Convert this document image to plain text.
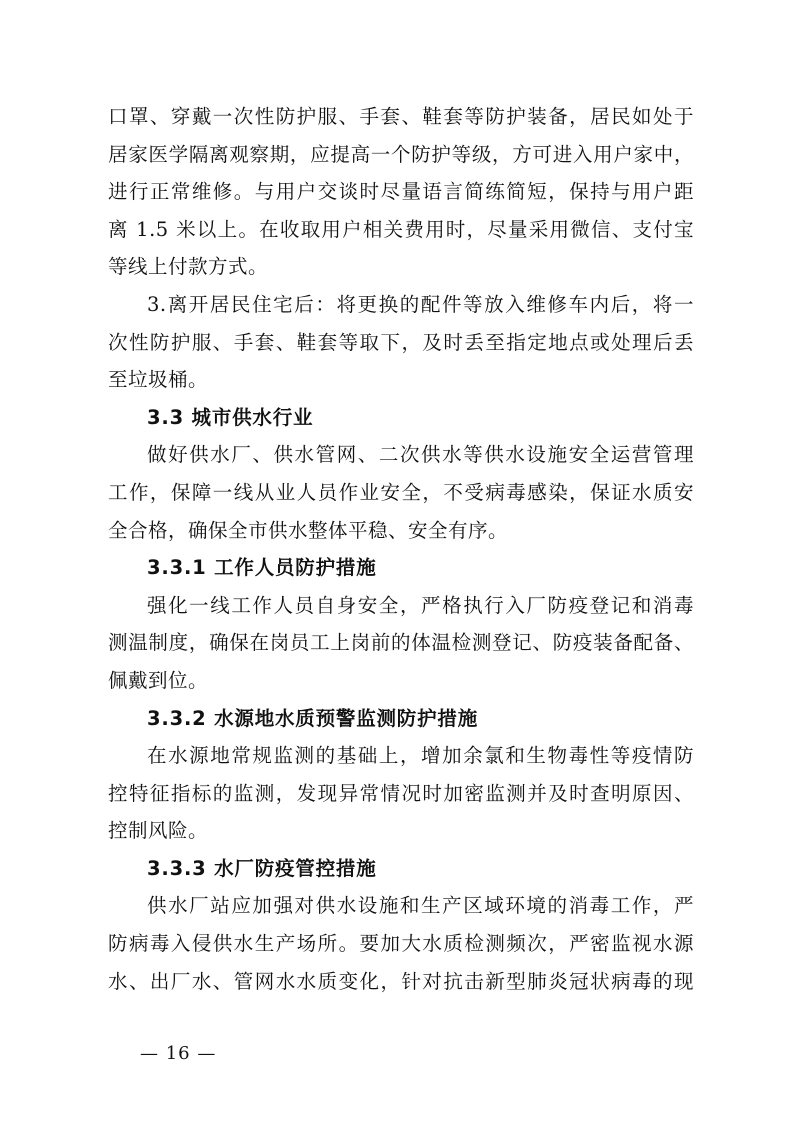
口罩、穿戴一次性防护服、手套、鞋套等防护装备，居民如处于
居家医学隔离观察期，应提高一个防护等级，方可进入用户家中，
进行正常维修。与用户交谈时尽量语言简练简短，保持与用户距
离 1.5 米以上。在收取用户相关费用时，尽量采用微信、支付宝
等线上付款方式。
3.离开居民住宅后：将更换的配件等放入维修车内后，将一
次性防护服、手套、鞋套等取下，及时丢至指定地点或处理后丢
至垃圾桶。
3.3 城市供水行业
做好供水厂、供水管网、二次供水等供水设施安全运营管理
工作，保障一线从业人员作业安全，不受病毒感染，保证水质安
全合格，确保全市供水整体平稳、安全有序。
3.3.1 工作人员防护措施
强化一线工作人员自身安全，严格执行入厂防疫登记和消毒
测温制度，确保在岗员工上岗前的体温检测登记、防疫装备配备、
佩戴到位。
3.3.2 水源地水质预警监测防护措施
在水源地常规监测的基础上，增加余氯和生物毒性等疫情防
控特征指标的监测，发现异常情况时加密监测并及时查明原因、
控制风险。
3.3.3 水厂防疫管控措施
供水厂站应加强对供水设施和生产区域环境的消毒工作，严
防病毒入侵供水生产场所。要加大水质检测频次，严密监视水源
水、出厂水、管网水水质变化，针对抗击新型肺炎冠状病毒的现
— 16 —
